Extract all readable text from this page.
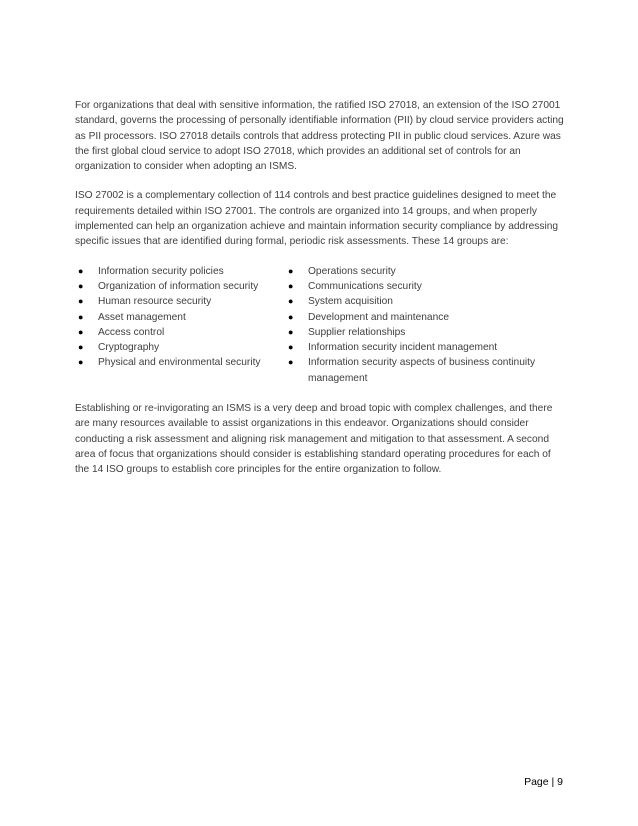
For organizations that deal with sensitive information, the ratified ISO 27018, an extension of the ISO 27001 standard, governs the processing of personally identifiable information (PII) by cloud service providers acting as PII processors. ISO 27018 details controls that address protecting PII in public cloud services. Azure was the first global cloud service to adopt ISO 27018, which provides an additional set of controls for an organization to consider when adopting an ISMS.

ISO 27002 is a complementary collection of 114 controls and best practice guidelines designed to meet the requirements detailed within ISO 27001. The controls are organized into 14 groups, and when properly implemented can help an organization achieve and maintain information security compliance by addressing specific issues that are identified during formal, periodic risk assessments. These 14 groups are:

● Information security policies
● Organization of information security
● Human resource security
● Asset management
● Access control
● Cryptography
● Physical and environmental security
● Operations security
● Communications security
● System acquisition
● Development and maintenance
● Supplier relationships
● Information security incident management
● Information security aspects of business continuity management

Establishing or re-invigorating an ISMS is a very deep and broad topic with complex challenges, and there are many resources available to assist organizations in this endeavor. Organizations should consider conducting a risk assessment and aligning risk management and mitigation to that assessment. A second area of focus that organizations should consider is establishing standard operating procedures for each of the 14 ISO groups to establish core principles for the entire organization to follow.

Page | 9
